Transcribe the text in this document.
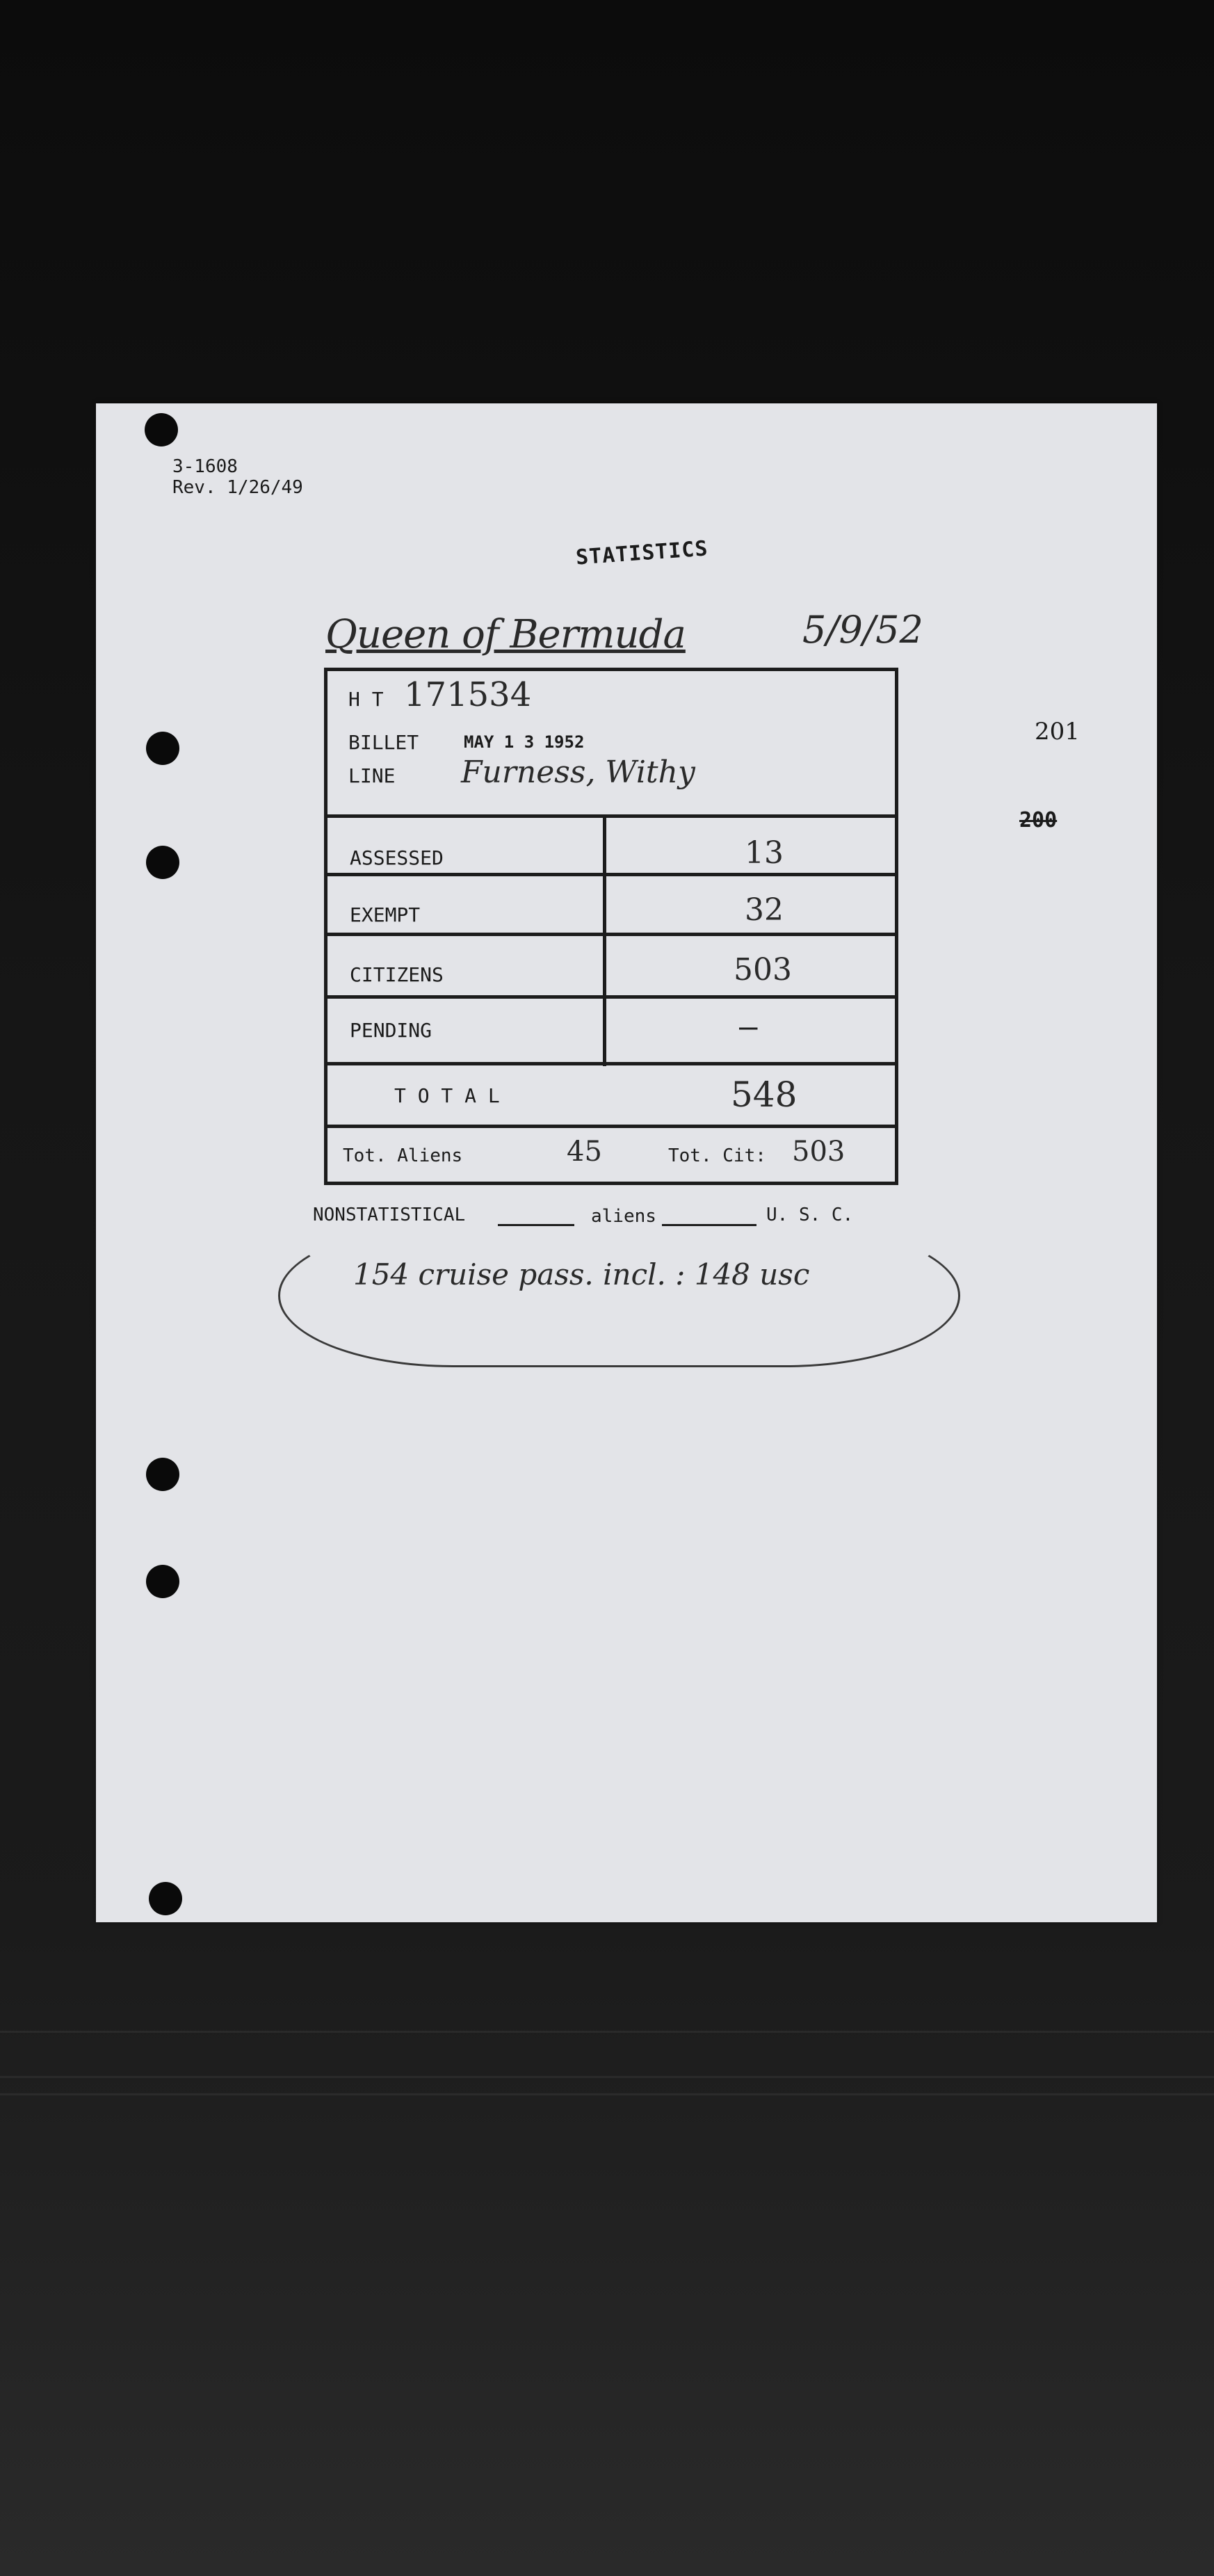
3-1608
Rev. 1/26/49
STATISTICS
Queen of Bermuda	5/9/52
201
200
H T 171534
BILLET	MAY 1 3 1952
LINE Furness, Withy
ASSESSED	13
EXEMPT	32
CITIZENS	503
PENDING	—
T O T A L	548
Tot. Aliens	45	Tot. Cit: 503
NONSTATISTICAL	aliens	U. S. C.
154 cruise pass. incl. : 148 usc
